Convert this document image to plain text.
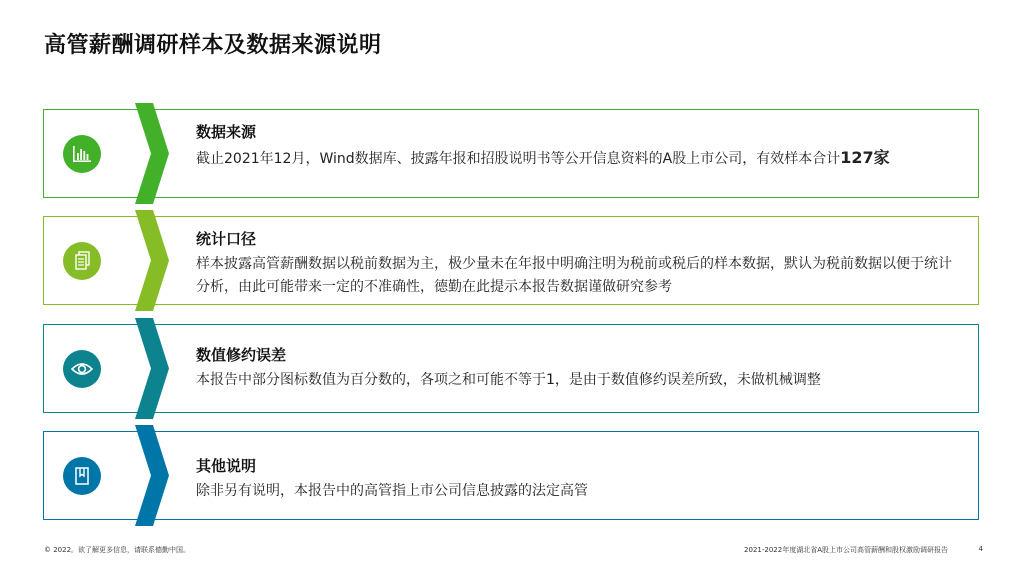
高管薪酬调研样本及数据来源说明
数据来源
截止2021年12月，Wind数据库、披露年报和招股说明书等公开信息资料的A股上市公司，有效样本合计127家
统计口径
样本披露高管薪酬数据以税前数据为主，极少量未在年报中明确注明为税前或税后的样本数据，默认为税前数据以便于统计分析，由此可能带来一定的不准确性，德勤在此提示本报告数据谨做研究参考
数值修约误差
本报告中部分图标数值为百分数的，各项之和可能不等于1，是由于数值修约误差所致，未做机械调整
其他说明
除非另有说明，本报告中的高管指上市公司信息披露的法定高管
© 2022。欲了解更多信息，请联系德勤中国。	2021-2022年度湖北省A股上市公司高管薪酬和股权激励调研报告	4
